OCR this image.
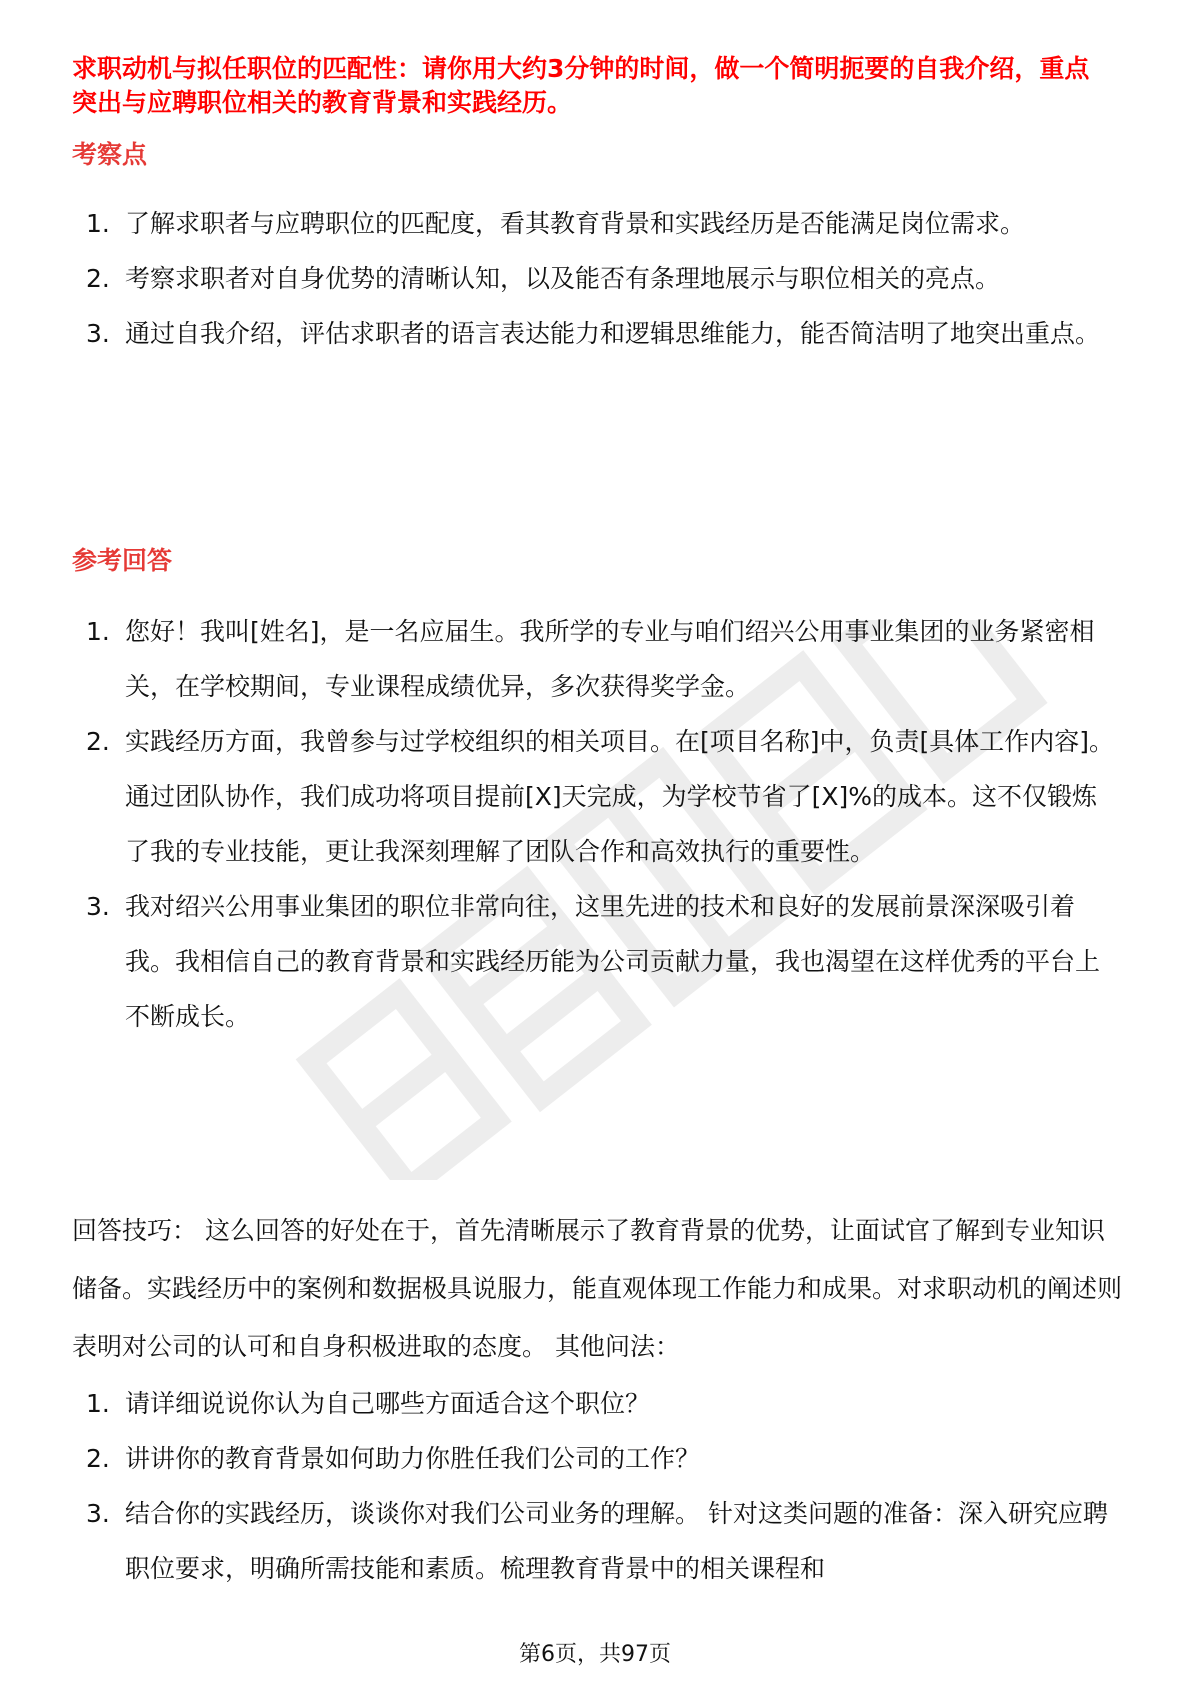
求职动机与拟任职位的匹配性：请你用大约3分钟的时间，做一个简明扼要的自我介绍，重点突出与应聘职位相关的教育背景和实践经历。

考察点
1. 了解求职者与应聘职位的匹配度，看其教育背景和实践经历是否能满足岗位需求。
2. 考察求职者对自身优势的清晰认知，以及能否有条理地展示与职位相关的亮点。
3. 通过自我介绍，评估求职者的语言表达能力和逻辑思维能力，能否简洁明了地突出重点。
参考回答
1. 您好！我叫[姓名]，是一名应届生。我所学的专业与咱们绍兴公用事业集团的业务紧密相关，在学校期间，专业课程成绩优异，多次获得奖学金。
2. 实践经历方面，我曾参与过学校组织的相关项目。在[项目名称]中，负责[具体工作内容]。通过团队协作，我们成功将项目提前[X]天完成，为学校节省了[X]%的成本。这不仅锻炼了我的专业技能，更让我深刻理解了团队合作和高效执行的重要性。
3. 我对绍兴公用事业集团的职位非常向往，这里先进的技术和良好的发展前景深深吸引着我。我相信自己的教育背景和实践经历能为公司贡献力量，我也渴望在这样优秀的平台上不断成长。

回答技巧： 这么回答的好处在于，首先清晰展示了教育背景的优势，让面试官了解到专业知识储备。实践经历中的案例和数据极具说服力，能直观体现工作能力和成果。对求职动机的阐述则表明对公司的认可和自身积极进取的态度。 其他问法：

1. 请详细说说你认为自己哪些方面适合这个职位？
2. 讲讲你的教育背景如何助力你胜任我们公司的工作？
3. 结合你的实践经历，谈谈你对我们公司业务的理解。 针对这类问题的准备：深入研究应聘职位要求，明确所需技能和素质。梳理教育背景中的相关课程和
第6页，共97页
